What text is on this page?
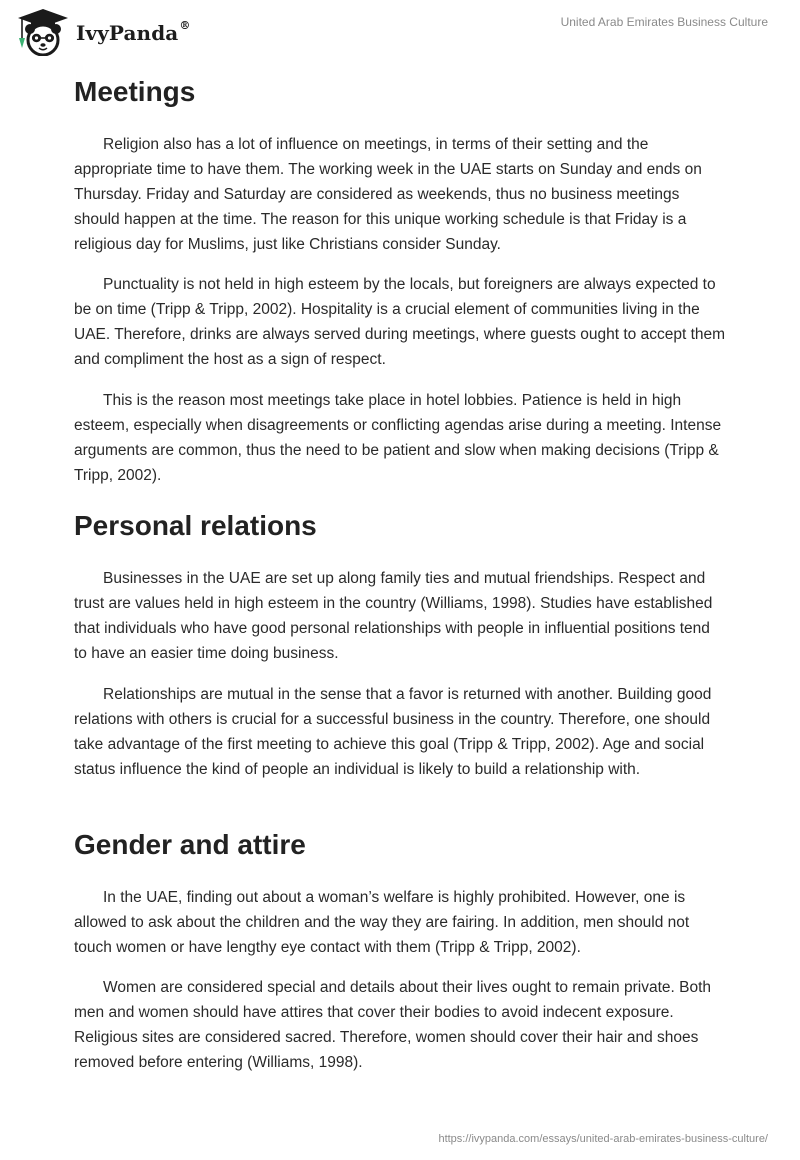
IvyPanda®	United Arab Emirates Business Culture
Meetings

Religion also has a lot of influence on meetings, in terms of their setting and the appropriate time to have them. The working week in the UAE starts on Sunday and ends on Thursday. Friday and Saturday are considered as weekends, thus no business meetings should happen at the time. The reason for this unique working schedule is that Friday is a religious day for Muslims, just like Christians consider Sunday.

Punctuality is not held in high esteem by the locals, but foreigners are always expected to be on time (Tripp & Tripp, 2002). Hospitality is a crucial element of communities living in the UAE. Therefore, drinks are always served during meetings, where guests ought to accept them and compliment the host as a sign of respect.

This is the reason most meetings take place in hotel lobbies. Patience is held in high esteem, especially when disagreements or conflicting agendas arise during a meeting. Intense arguments are common, thus the need to be patient and slow when making decisions (Tripp & Tripp, 2002).

Personal relations

Businesses in the UAE are set up along family ties and mutual friendships. Respect and trust are values held in high esteem in the country (Williams, 1998). Studies have established that individuals who have good personal relationships with people in influential positions tend to have an easier time doing business.

Relationships are mutual in the sense that a favor is returned with another. Building good relations with others is crucial for a successful business in the country. Therefore, one should take advantage of the first meeting to achieve this goal (Tripp & Tripp, 2002). Age and social status influence the kind of people an individual is likely to build a relationship with.

Gender and attire

In the UAE, finding out about a woman’s welfare is highly prohibited. However, one is allowed to ask about the children and the way they are fairing. In addition, men should not touch women or have lengthy eye contact with them (Tripp & Tripp, 2002).

Women are considered special and details about their lives ought to remain private. Both men and women should have attires that cover their bodies to avoid indecent exposure. Religious sites are considered sacred. Therefore, women should cover their hair and shoes removed before entering (Williams, 1998).

https://ivypanda.com/essays/united-arab-emirates-business-culture/
